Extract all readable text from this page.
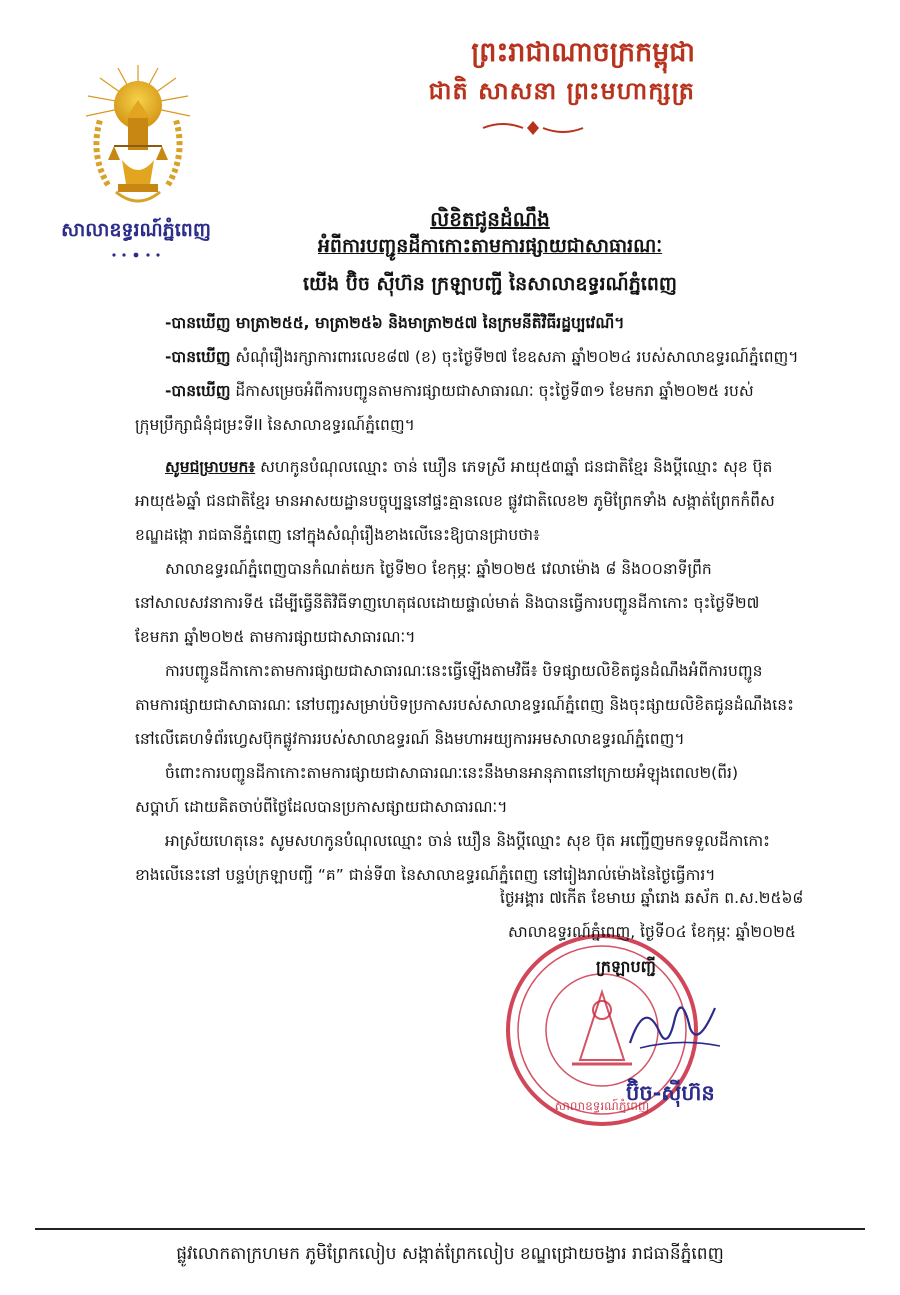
សាលាឧទ្ធរណ៍ភ្នំពេញ
ព្រះរាជាណាចក្រកម្ពុជា
ជាតិ សាសនា ព្រះមហាក្សត្រ
លិខិតជូនដំណឹង
អំពីការបញ្ជូនដីកាកោះតាមការផ្សាយជាសាធារណៈ
យើង ប៊ិច ស៊ីហ៊ន ក្រឡាបញ្ជី នៃសាលាឧទ្ធរណ៍ភ្នំពេញ
-បានឃើញ មាត្រា២៥៥, មាត្រា២៥៦ និងមាត្រា២៥៧ នៃក្រមនីតិវិធីរដ្ឋប្បវេណី។
-បានឃើញ សំណុំរឿងរក្សាការពារលេខ៨៧ (ខ) ចុះថ្ងៃទី២៧ ខែឧសភា ឆ្នាំ២០២៤ របស់សាលាឧទ្ធរណ៍ភ្នំពេញ។
-បានឃើញ ដីកាសម្រេចអំពីការបញ្ជូនតាមការផ្សាយជាសាធារណៈ ចុះថ្ងៃទី៣១ ខែមករា ឆ្នាំ២០២៥ របស់
ក្រុមប្រឹក្សាជំនុំជម្រះទីII នៃសាលាឧទ្ធរណ៍ភ្នំពេញ។
សូមជម្រាបមក៖ សហកូនបំណុលឈ្មោះ ចាន់ ឃឿន ភេទស្រី អាយុ៥៣ឆ្នាំ ជនជាតិខ្មែរ និងប្តីឈ្មោះ សុខ ប៊ុត
អាយុ៥៦ឆ្នាំ ជនជាតិខ្មែរ មានអាសយដ្ឋានបច្ចុប្បន្ននៅផ្ទះគ្មានលេខ ផ្លូវជាតិលេខ២ ភូមិព្រែកទាំង សង្កាត់ព្រែកកំពឹស
ខណ្ឌដង្កោ រាជធានីភ្នំពេញ នៅក្នុងសំណុំរឿងខាងលើនេះឱ្យបានជ្រាបថា៖
សាលាឧទ្ធរណ៍ភ្នំពេញបានកំណត់យក ថ្ងៃទី២០ ខែកុម្ភៈ ឆ្នាំ២០២៥ វេលាម៉ោង ៨ និង០០នាទីព្រឹក
នៅសាលសវនាការទី៥ ដើម្បីធ្វើនីតិវិធីទាញហេតុផលដោយផ្ទាល់មាត់ និងបានធ្វើការបញ្ជូនដីកាកោះ ចុះថ្ងៃទី២៧
ខែមករា ឆ្នាំ២០២៥ តាមការផ្សាយជាសាធារណៈ។
ការបញ្ជូនដីកាកោះតាមការផ្សាយជាសាធារណៈនេះធ្វើឡើងតាមវិធី៖ បិទផ្សាយលិខិតជូនដំណឹងអំពីការបញ្ជូន
តាមការផ្សាយជាសាធារណៈ នៅបញ្ជរសម្រាប់បិទប្រកាសរបស់សាលាឧទ្ធរណ៍ភ្នំពេញ និងចុះផ្សាយលិខិតជូនដំណឹងនេះ
នៅលើគេហទំព័រហ្វេសប៊ុកផ្លូវការរបស់សាលាឧទ្ធរណ៍ និងមហាអយ្យការអមសាលាឧទ្ធរណ៍ភ្នំពេញ។
ចំពោះការបញ្ជូនដីកាកោះតាមការផ្សាយជាសាធារណៈនេះនឹងមានអានុភាពនៅក្រោយអំឡុងពេល២(ពីរ)
សប្តាហ៍ ដោយគិតចាប់ពីថ្ងៃដែលបានប្រកាសផ្សាយជាសាធារណៈ។
អាស្រ័យហេតុនេះ សូមសហកូនបំណុលឈ្មោះ ចាន់ ឃឿន និងប្តីឈ្មោះ សុខ ប៊ុត អញ្ជើញមកទទួលដីកាកោះ
ខាងលើនេះនៅ បន្ទប់ក្រឡាបញ្ជី “គ” ជាន់ទី៣ នៃសាលាឧទ្ធរណ៍ភ្នំពេញ នៅរៀងរាល់ម៉ោងនៃថ្ងៃធ្វើការ។
សាលាឧទ្ធរណ៍ភ្នំពេញ
ថ្ងៃអង្គារ ៧កើត ខែមាឃ ឆ្នាំរោង ឆស័ក ព.ស.២៥៦៨
សាលាឧទ្ធរណ៍ភ្នំពេញ, ថ្ងៃទី០៤ ខែកុម្ភៈ ឆ្នាំ២០២៥
ក្រឡាបញ្ជី
ប៊ិច-ស៊ីហ៊ន
ផ្លូវលោកតាក្រហមក ភូមិព្រែកលៀប សង្កាត់ព្រែកលៀប ខណ្ឌជ្រោយចង្វារ រាជធានីភ្នំពេញ
